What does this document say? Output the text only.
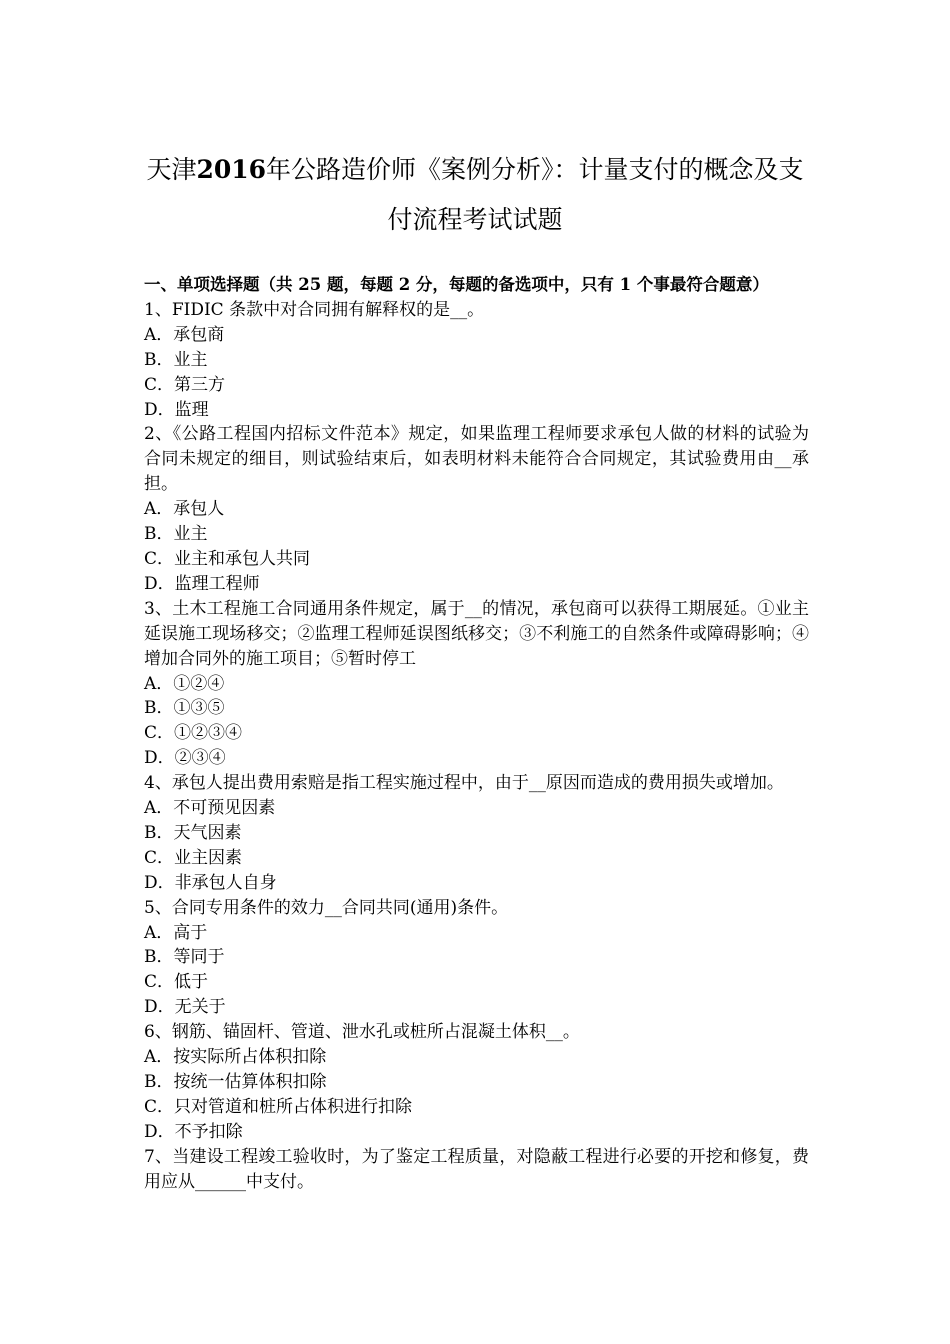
天津2016年公路造价师《案例分析》：计量支付的概念及支
付流程考试试题
一、单项选择题（共 25 题，每题 2 分，每题的备选项中，只有 1 个事最符合题意）

1、FIDIC 条款中对合同拥有解释权的是__。

A．承包商

B．业主

C．第三方

D．监理

2、《公路工程国内招标文件范本》规定，如果监理工程师要求承包人做的材料的试验为合同未规定的细目，则试验结束后，如表明材料未能符合合同规定，其试验费用由__承担。

A．承包人

B．业主

C．业主和承包人共同

D．监理工程师

3、土木工程施工合同通用条件规定，属于__的情况，承包商可以获得工期展延。①业主延误施工现场移交；②监理工程师延误图纸移交；③不利施工的自然条件或障碍影响；④增加合同外的施工项目；⑤暂时停工

A．①②④

B．①③⑤

C．①②③④

D．②③④

4、承包人提出费用索赔是指工程实施过程中，由于__原因而造成的费用损失或增加。

A．不可预见因素

B．天气因素

C．业主因素

D．非承包人自身

5、合同专用条件的效力__合同共同(通用)条件。

A．高于

B．等同于

C．低于

D．无关于

6、钢筋、锚固杆、管道、泄水孔或桩所占混凝土体积__。

A．按实际所占体积扣除

B．按统一估算体积扣除

C．只对管道和桩所占体积进行扣除

D．不予扣除

7、当建设工程竣工验收时，为了鉴定工程质量，对隐蔽工程进行必要的开挖和修复，费用应从______中支付。
